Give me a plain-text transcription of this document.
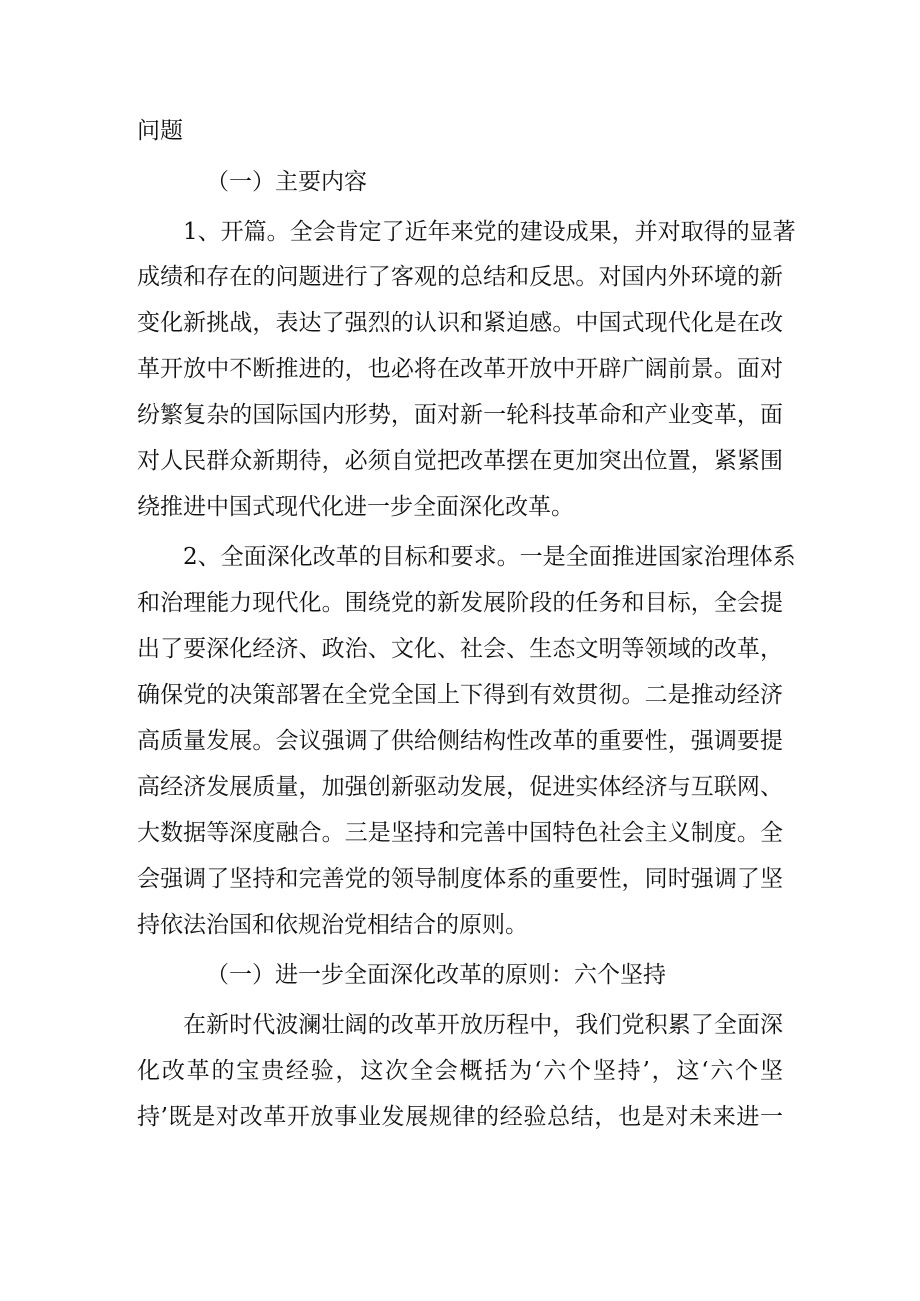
问题
（一）主要内容
1、开篇。全会肯定了近年来党的建设成果，并对取得的显著
成绩和存在的问题进行了客观的总结和反思。对国内外环境的新
变化新挑战，表达了强烈的认识和紧迫感。中国式现代化是在改
革开放中不断推进的，也必将在改革开放中开辟广阔前景。面对
纷繁复杂的国际国内形势，面对新一轮科技革命和产业变革，面
对人民群众新期待，必须自觉把改革摆在更加突出位置，紧紧围
绕推进中国式现代化进一步全面深化改革。
2、全面深化改革的目标和要求。一是全面推进国家治理体系
和治理能力现代化。围绕党的新发展阶段的任务和目标，全会提
出了要深化经济、政治、文化、社会、生态文明等领域的改革，
确保党的决策部署在全党全国上下得到有效贯彻。二是推动经济
高质量发展。会议强调了供给侧结构性改革的重要性，强调要提
高经济发展质量，加强创新驱动发展，促进实体经济与互联网、
大数据等深度融合。三是坚持和完善中国特色社会主义制度。全
会强调了坚持和完善党的领导制度体系的重要性，同时强调了坚
持依法治国和依规治党相结合的原则。
（一）进一步全面深化改革的原则：六个坚持
在新时代波澜壮阔的改革开放历程中，我们党积累了全面深
化改革的宝贵经验，这次全会概括为‘六个坚持’，这‘六个坚
持’既是对改革开放事业发展规律的经验总结，也是对未来进一
